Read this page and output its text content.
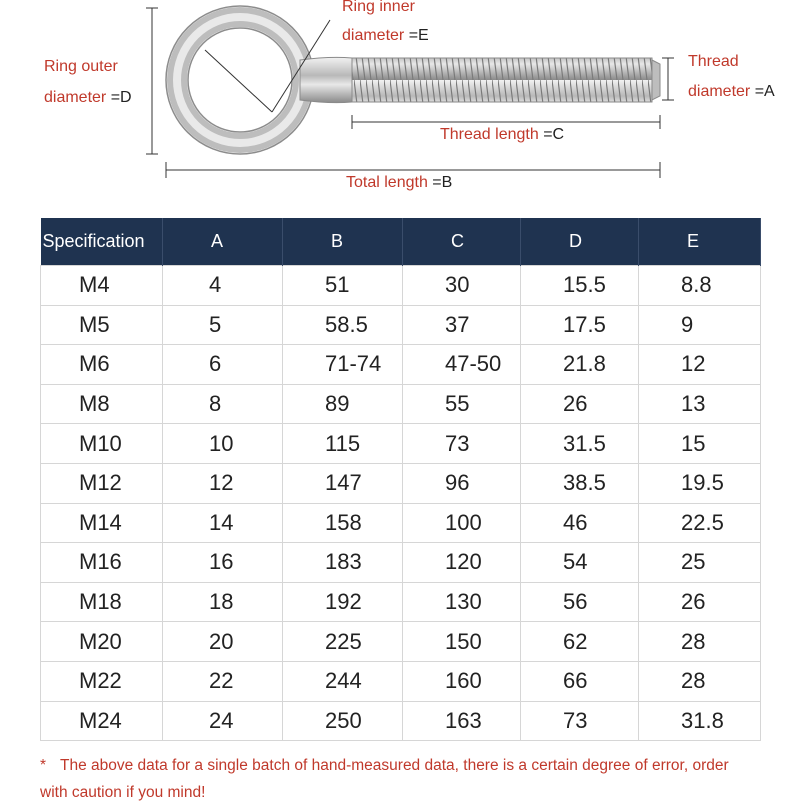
Ring inner
diameter =E
Ring outer
diameter =D
Thread
diameter =A
Thread length =C
Total length =B
Specification	A	B	C	D	E
M4	4	51	30	15.5	8.8
M5	5	58.5	37	17.5	9
M6	6	71-74	47-50	21.8	12
M8	8	89	55	26	13
M10	10	115	73	31.5	15
M12	12	147	96	38.5	19.5
M14	14	158	100	46	22.5
M16	16	183	120	54	25
M18	18	192	130	56	26
M20	20	225	150	62	28
M22	22	244	160	66	28
M24	24	250	163	73	31.8
* The above data for a single batch of hand-measured data, there is a certain degree of error, order with caution if you mind!
